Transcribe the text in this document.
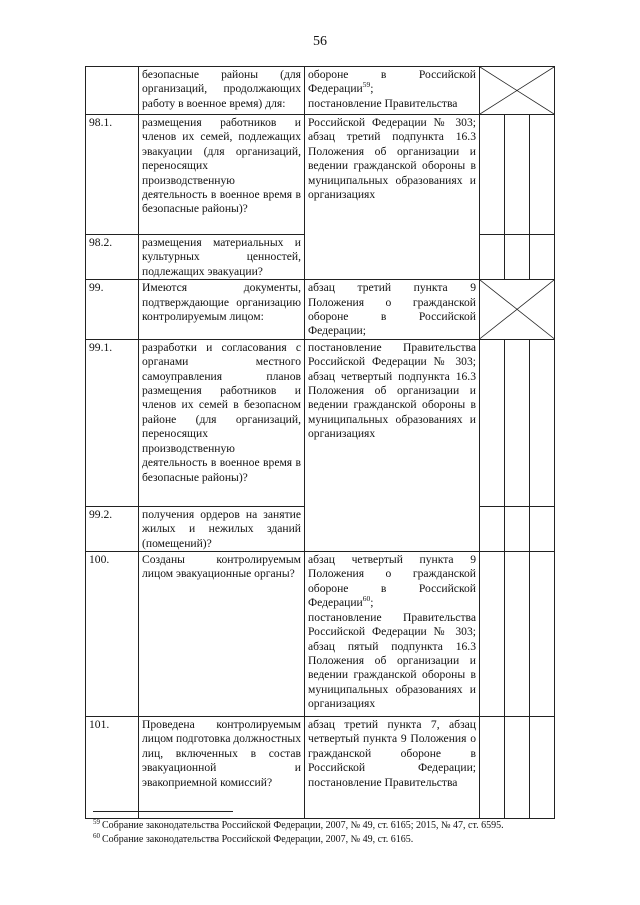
56
	безопасные районы (для организаций, продолжающих работу в военное время) для:	обороне в Российской Федерации$^{59}$;
постановление Правительства	

98.1.	размещения работников и членов их семей, подлежащих эвакуации (для организаций, переносящих производственную деятельность в военное время в безопасные районы)?	Российской Федерации № 303; абзац третий подпункта 16.3 Положения об организации и ведении гражданской обороны в муниципальных образованиях и организациях			
98.2.	размещения материальных и культурных ценностей, подлежащих эвакуации?				
99.	Имеются документы, подтверждающие организацию контролируемым лицом:	абзац третий пункта 9 Положения о гражданской обороне в Российской Федерации;	

99.1.	разработки и согласования с органами местного самоуправления планов размещения работников и членов их семей в безопасном районе (для организаций, переносящих производственную деятельность в военное время в безопасные районы)?	постановление Правительства Российской Федерации № 303; абзац четвертый подпункта 16.3 Положения об организации и ведении гражданской обороны в муниципальных образованиях и организациях			
99.2.	получения ордеров на занятие жилых и нежилых зданий (помещений)?				
100.	Созданы контролируемым лицом эвакуационные органы?	абзац четвертый пункта 9 Положения о гражданской обороне в Российской Федерации$^{60}$;
постановление Правительства Российской Федерации № 303; абзац пятый подпункта 16.3 Положения об организации и ведении гражданской обороны в муниципальных образованиях и организациях			
101.	Проведена контролируемым лицом подготовка должностных лиц, включенных в состав эвакуационной и эвакоприемной комиссий?	абзац третий пункта 7, абзац четвертый пункта 9 Положения о гражданской обороне в Российской Федерации; постановление Правительства			

$^{59}$ Собрание законодательства Российской Федерации, 2007, № 49, ст. 6165; 2015, № 47, ст. 6595.

$^{60}$ Собрание законодательства Российской Федерации, 2007, № 49, ст. 6165.
